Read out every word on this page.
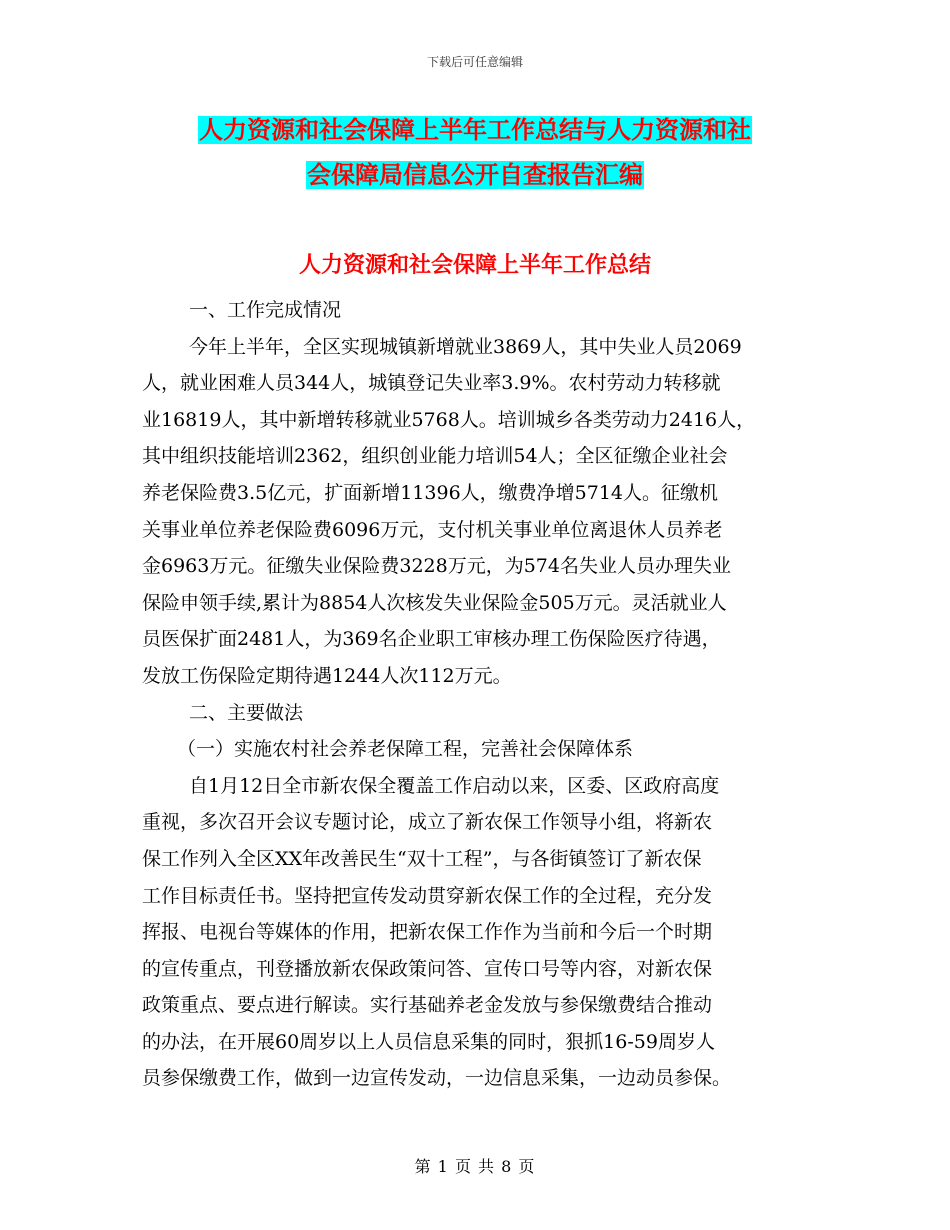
下载后可任意编辑
人力资源和社会保障上半年工作总结与人力资源和社
会保障局信息公开自查报告汇编
人力资源和社会保障上半年工作总结
一、工作完成情况
今年上半年，全区实现城镇新增就业3869人，其中失业人员2069
人，就业困难人员344人，城镇登记失业率3.9%。农村劳动力转移就
业16819人，其中新增转移就业5768人。培训城乡各类劳动力2416人，
其中组织技能培训2362，组织创业能力培训54人；全区征缴企业社会
养老保险费3.5亿元，扩面新增11396人，缴费净增5714人。征缴机
关事业单位养老保险费6096万元，支付机关事业单位离退休人员养老
金6963万元。征缴失业保险费3228万元，为574名失业人员办理失业
保险申领手续,累计为8854人次核发失业保险金505万元。灵活就业人
员医保扩面2481人，为369名企业职工审核办理工伤保险医疗待遇，
发放工伤保险定期待遇1244人次112万元。
二、主要做法
（一）实施农村社会养老保障工程，完善社会保障体系
自1月12日全市新农保全覆盖工作启动以来，区委、区政府高度
重视，多次召开会议专题讨论，成立了新农保工作领导小组，将新农
保工作列入全区XX年改善民生“双十工程”，与各街镇签订了新农保
工作目标责任书。坚持把宣传发动贯穿新农保工作的全过程，充分发
挥报、电视台等媒体的作用，把新农保工作作为当前和今后一个时期
的宣传重点，刊登播放新农保政策问答、宣传口号等内容，对新农保
政策重点、要点进行解读。实行基础养老金发放与参保缴费结合推动
的办法，在开展60周岁以上人员信息采集的同时，狠抓16-59周岁人
员参保缴费工作，做到一边宣传发动，一边信息采集，一边动员参保。
第 1 页 共 8 页
